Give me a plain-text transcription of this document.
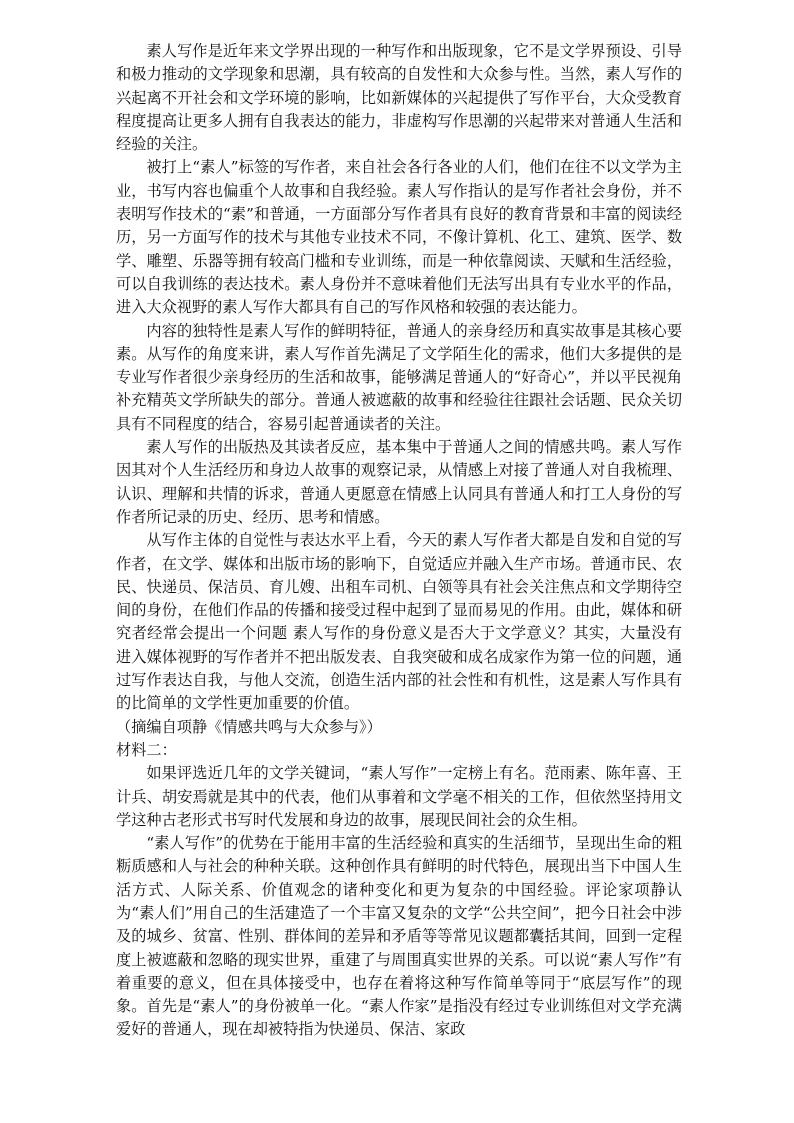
素人写作是近年来文学界出现的一种写作和出版现象，它不是文学界预设、引导和极力推动的文学现象和思潮，具有较高的自发性和大众参与性。当然，素人写作的兴起离不开社会和文学环境的影响，比如新媒体的兴起提供了写作平台，大众受教育程度提高让更多人拥有自我表达的能力，非虚构写作思潮的兴起带来对普通人生活和经验的关注。

被打上“素人”标签的写作者，来自社会各行各业的人们，他们在往不以文学为主业，书写内容也偏重个人故事和自我经验。素人写作指认的是写作者社会身份，并不表明写作技术的“素”和普通，一方面部分写作者具有良好的教育背景和丰富的阅读经历，另一方面写作的技术与其他专业技术不同，不像计算机、化工、建筑、医学、数学、雕塑、乐器等拥有较高门槛和专业训练，而是一种依靠阅读、天赋和生活经验，可以自我训练的表达技术。素人身份并不意味着他们无法写出具有专业水平的作品，进入大众视野的素人写作大都具有自己的写作风格和较强的表达能力。

内容的独特性是素人写作的鲜明特征，普通人的亲身经历和真实故事是其核心要素。从写作的角度来讲，素人写作首先满足了文学陌生化的需求，他们大多提供的是专业写作者很少亲身经历的生活和故事，能够满足普通人的“好奇心”，并以平民视角补充精英文学所缺失的部分。普通人被遮蔽的故事和经验往往跟社会话题、民众关切具有不同程度的结合，容易引起普通读者的关注。

素人写作的出版热及其读者反应，基本集中于普通人之间的情感共鸣。素人写作因其对个人生活经历和身边人故事的观察记录，从情感上对接了普通人对自我梳理、认识、理解和共情的诉求，普通人更愿意在情感上认同具有普通人和打工人身份的写作者所记录的历史、经历、思考和情感。

从写作主体的自觉性与表达水平上看，今天的素人写作者大都是自发和自觉的写作者，在文学、媒体和出版市场的影响下，自觉适应并融入生产市场。普通市民、农民、快递员、保洁员、育儿嫂、出租车司机、白领等具有社会关注焦点和文学期待空间的身份，在他们作品的传播和接受过程中起到了显而易见的作用。由此，媒体和研究者经常会提出一个问题 素人写作的身份意义是否大于文学意义？其实，大量没有进入媒体视野的写作者并不把出版发表、自我突破和成名成家作为第一位的问题，通过写作表达自我，与他人交流，创造生活内部的社会性和有机性，这是素人写作具有的比简单的文学性更加重要的价值。

（摘编自项静《情感共鸣与大众参与》）

材料二：

如果评选近几年的文学关键词，“素人写作”一定榜上有名。范雨素、陈年喜、王计兵、胡安焉就是其中的代表，他们从事着和文学毫不相关的工作，但依然坚持用文学这种古老形式书写时代发展和身边的故事，展现民间社会的众生相。

“素人写作”的优势在于能用丰富的生活经验和真实的生活细节，呈现出生命的粗粝质感和人与社会的种种关联。这种创作具有鲜明的时代特色，展现出当下中国人生活方式、人际关系、价值观念的诸种变化和更为复杂的中国经验。评论家项静认为“素人们”用自己的生活建造了一个丰富又复杂的文学“公共空间”，把今日社会中涉及的城乡、贫富、性别、群体间的差异和矛盾等等常见议题都囊括其间，回到一定程度上被遮蔽和忽略的现实世界，重建了与周围真实世界的关系。可以说“素人写作”有着重要的意义，但在具体接受中，也存在着将这种写作简单等同于“底层写作”的现象。首先是“素人”的身份被单一化。“素人作家”是指没有经过专业训练但对文学充满爱好的普通人，现在却被特指为快递员、保洁、家政
